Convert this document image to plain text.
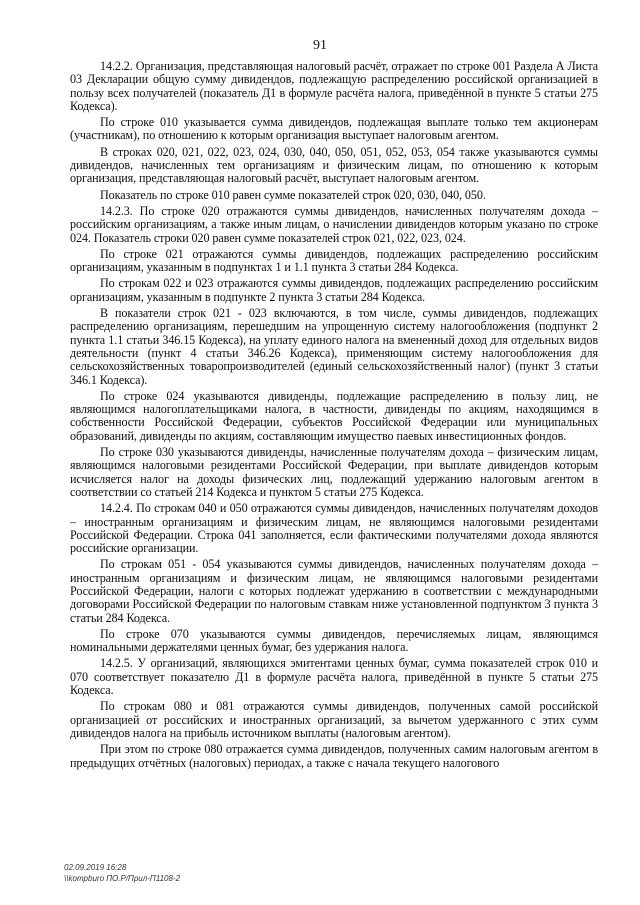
91

14.2.2. Организация, представляющая налоговый расчёт, отражает по строке 001 Раздела А Листа 03 Декларации общую сумму дивидендов, подлежащую распределению российской организацией в пользу всех получателей (показатель Д1 в формуле расчёта налога, приведённой в пункте 5 статьи 275 Кодекса).

По строке 010 указывается сумма дивидендов, подлежащая выплате только тем акционерам (участникам), по отношению к которым организация выступает налоговым агентом.

В строках 020, 021, 022, 023, 024, 030, 040, 050, 051, 052, 053, 054 также указываются суммы дивидендов, начисленных тем организациям и физическим лицам, по отношению к которым организация, представляющая налоговый расчёт, выступает налоговым агентом.

Показатель по строке 010 равен сумме показателей строк 020, 030, 040, 050.

14.2.3. По строке 020 отражаются суммы дивидендов, начисленных получателям дохода – российским организациям, а также иным лицам, о начислении дивидендов которым указано по строке 024. Показатель строки 020 равен сумме показателей строк 021, 022, 023, 024.

По строке 021 отражаются суммы дивидендов, подлежащих распределению российским организациям, указанным в подпунктах 1 и 1.1 пункта 3 статьи 284 Кодекса.

По строкам 022 и 023 отражаются суммы дивидендов, подлежащих распределению российским организациям, указанным в подпункте 2 пункта 3 статьи 284 Кодекса.

В показатели строк 021 - 023 включаются, в том числе, суммы дивидендов, подлежащих распределению организациям, перешедшим на упрощенную систему налогообложения (подпункт 2 пункта 1.1 статьи 346.15 Кодекса), на уплату единого налога на вмененный доход для отдельных видов деятельности (пункт 4 статьи 346.26 Кодекса), применяющим систему налогообложения для сельскохозяйственных товаропроизводителей (единый сельскохозяйственный налог) (пункт 3 статьи 346.1 Кодекса).

По строке 024 указываются дивиденды, подлежащие распределению в пользу лиц, не являющимся налогоплательщиками налога, в частности, дивиденды по акциям, находящимся в собственности Российской Федерации, субъектов Российской Федерации или муниципальных образований, дивиденды по акциям, составляющим имущество паевых инвестиционных фондов.

По строке 030 указываются дивиденды, начисленные получателям дохода – физическим лицам, являющимся налоговыми резидентами Российской Федерации, при выплате дивидендов которым исчисляется налог на доходы физических лиц, подлежащий удержанию налоговым агентом в соответствии со статьей 214 Кодекса и пунктом 5 статьи 275 Кодекса.

14.2.4. По строкам 040 и 050 отражаются суммы дивидендов, начисленных получателям доходов – иностранным организациям и физическим лицам, не являющимся налоговыми резидентами Российской Федерации. Строка 041 заполняется, если фактическими получателями дохода являются российские организации.

По строкам 051 - 054 указываются суммы дивидендов, начисленных получателям дохода – иностранным организациям и физическим лицам, не являющимся налоговыми резидентами Российской Федерации, налоги с которых подлежат удержанию в соответствии с международными договорами Российской Федерации по налоговым ставкам ниже установленной подпунктом 3 пункта 3 статьи 284 Кодекса.

По строке 070 указываются суммы дивидендов, перечисляемых лицам, являющимся номинальными держателями ценных бумаг, без удержания налога.

14.2.5. У организаций, являющихся эмитентами ценных бумаг, сумма показателей строк 010 и 070 соответствует показателю Д1 в формуле расчёта налога, приведённой в пункте 5 статьи 275 Кодекса.

По строкам 080 и 081 отражаются суммы дивидендов, полученных самой российской организацией от российских и иностранных организаций, за вычетом удержанного с этих сумм дивидендов налога на прибыль источником выплаты (налоговым агентом).

При этом по строке 080 отражается сумма дивидендов, полученных самим налоговым агентом в предыдущих отчётных (налоговых) периодах, а также с начала текущего налогового

02.09.2019 16:28
\\kompburo ПО.Р/Прил-П1108-2
